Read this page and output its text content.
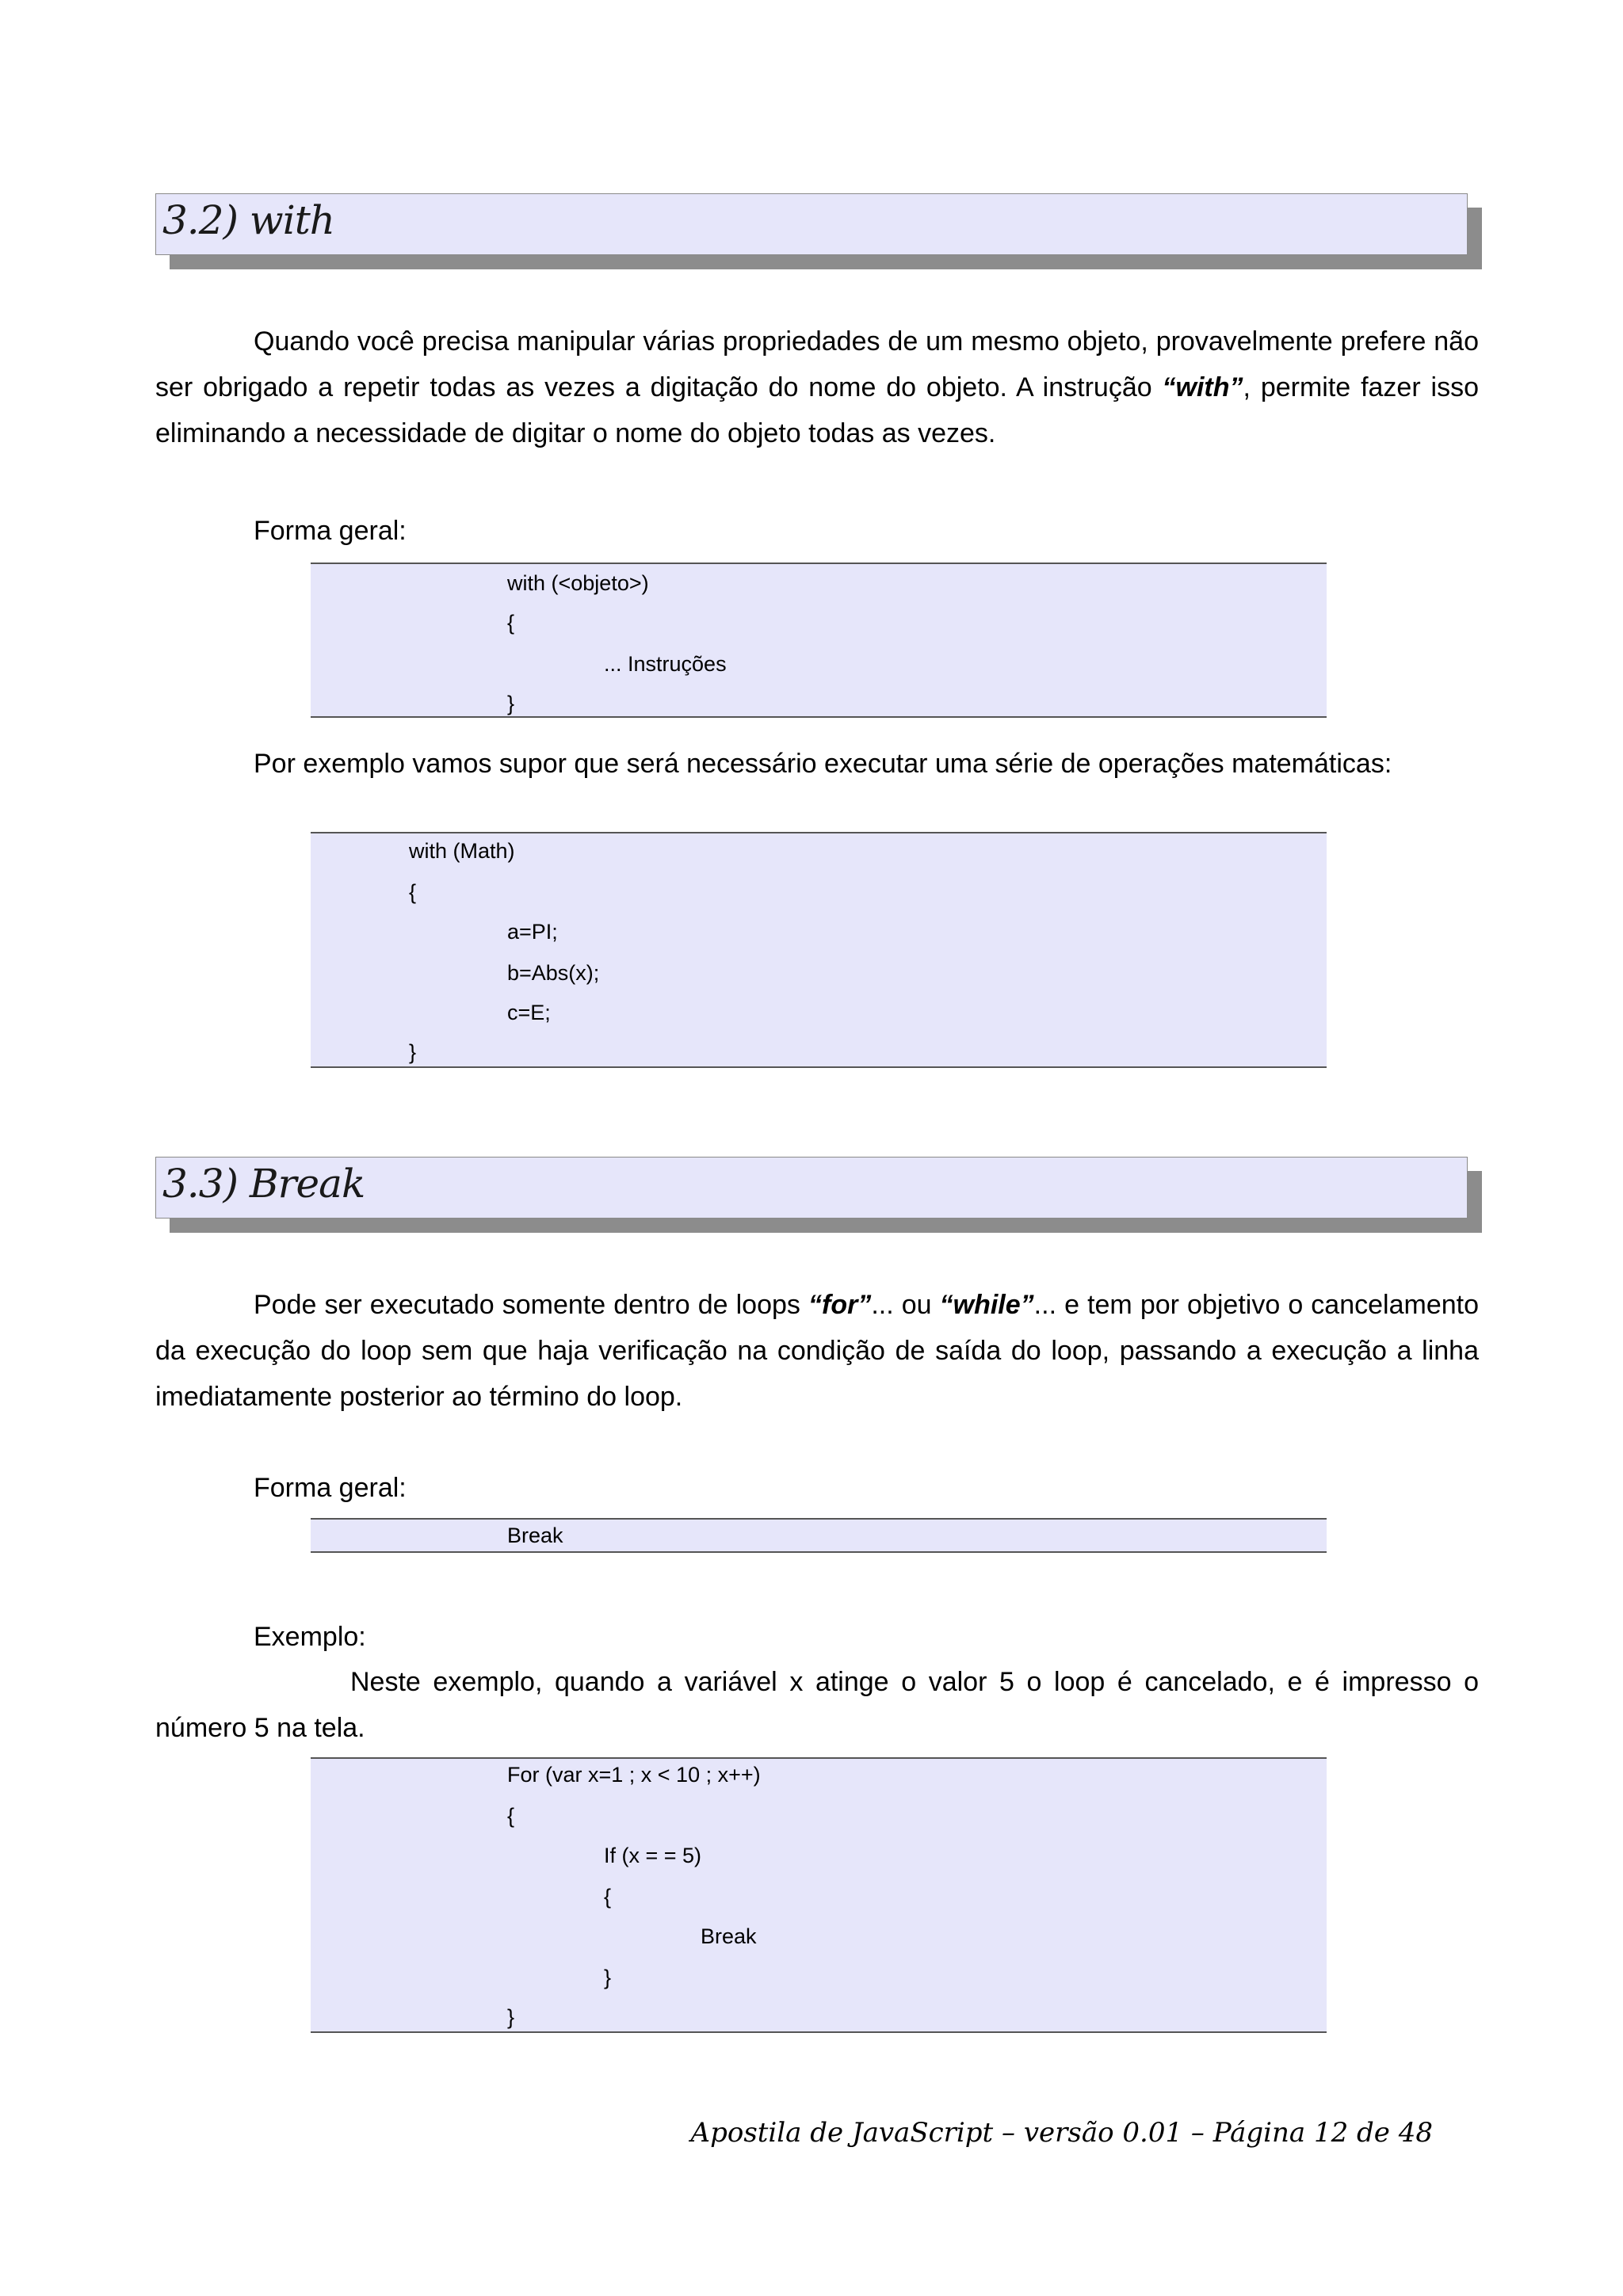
3.2) with

Quando você precisa manipular várias propriedades de um mesmo objeto, provavelmente prefere não ser obrigado a repetir todas as vezes a digitação do nome do objeto. A instrução “with”, permite fazer isso eliminando a necessidade de digitar o nome do objeto todas as vezes.

Forma geral:
with (<objeto>)
{
... Instruções
}
Por exemplo vamos supor que será necessário executar uma série de operações matemáticas:
with (Math)
{
a=PI;
b=Abs(x);
c=E;
}
3.3) Break

Pode ser executado somente dentro de loops “for”... ou “while”... e tem por objetivo o cancelamento da execução do loop sem que haja verificação na condição de saída do loop, passando a execução a linha imediatamente posterior ao término do loop.

Forma geral:
Break
Exemplo:

Neste exemplo, quando a variável x atinge o valor 5 o loop é cancelado, e é impresso o número 5 na tela.

For (var x=1 ; x < 10 ; x++)
{
If (x = = 5)
{
Break
}
}
Apostila de JavaScript – versão 0.01 – Página 12 de 48
